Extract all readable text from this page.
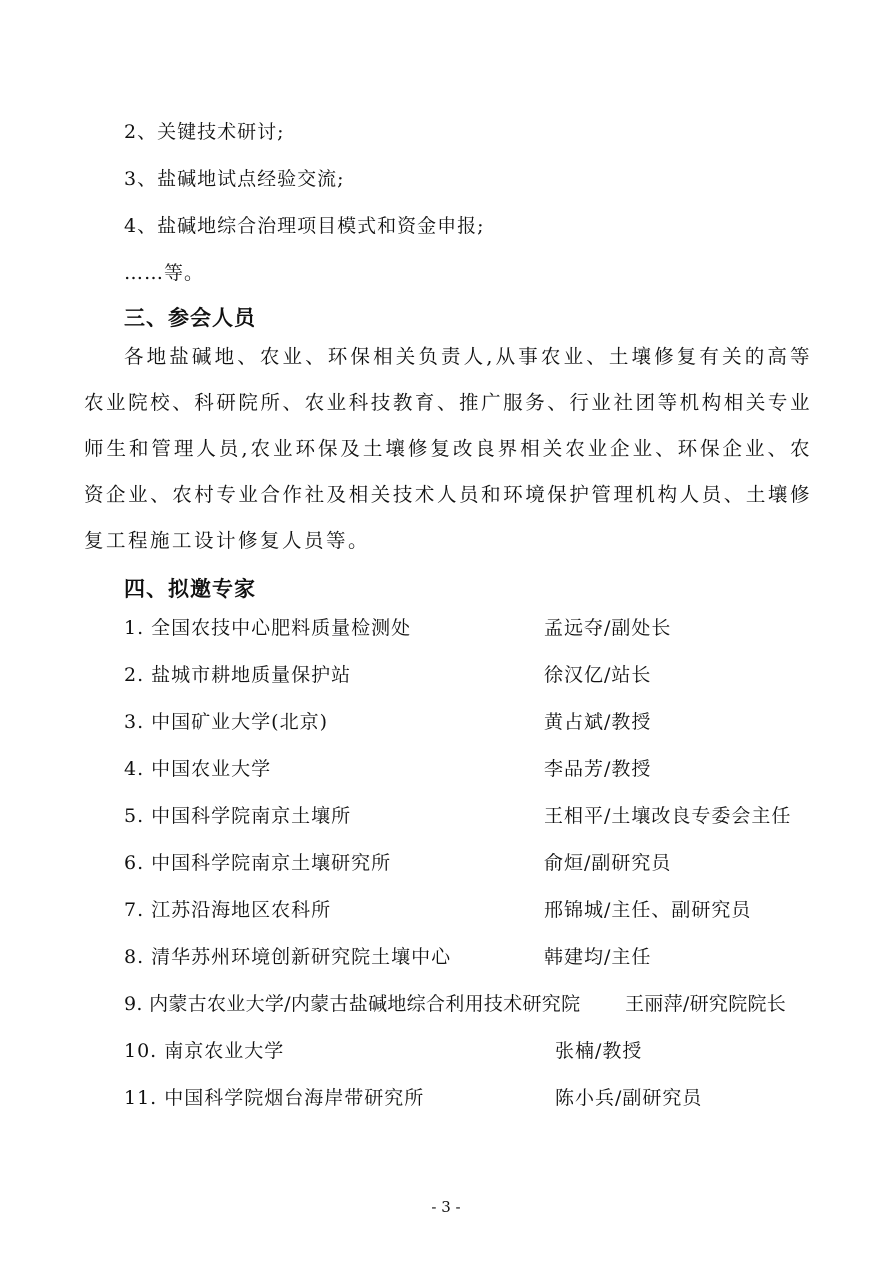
2、关键技术研讨;
3、盐碱地试点经验交流;
4、盐碱地综合治理项目模式和资金申报;
……等。
三、参会人员
各地盐碱地、农业、环保相关负责人,从事农业、土壤修复有关的高等农业院校、科研院所、农业科技教育、推广服务、行业社团等机构相关专业师生和管理人员,农业环保及土壤修复改良界相关农业企业、环保企业、农资企业、农村专业合作社及相关技术人员和环境保护管理机构人员、土壤修复工程施工设计修复人员等。
四、拟邀专家
1. 全国农技中心肥料质量检测处	孟远夺/副处长
2. 盐城市耕地质量保护站	徐汉亿/站长
3. 中国矿业大学(北京)	黄占斌/教授
4. 中国农业大学	李品芳/教授
5. 中国科学院南京土壤所	王相平/土壤改良专委会主任
6. 中国科学院南京土壤研究所	俞烜/副研究员
7. 江苏沿海地区农科所	邢锦城/主任、副研究员
8. 清华苏州环境创新研究院土壤中心	韩建均/主任
9. 内蒙古农业大学/内蒙古盐碱地综合利用技术研究院 王丽萍/研究院院长
10. 南京农业大学	张楠/教授
11. 中国科学院烟台海岸带研究所	陈小兵/副研究员
- 3 -
